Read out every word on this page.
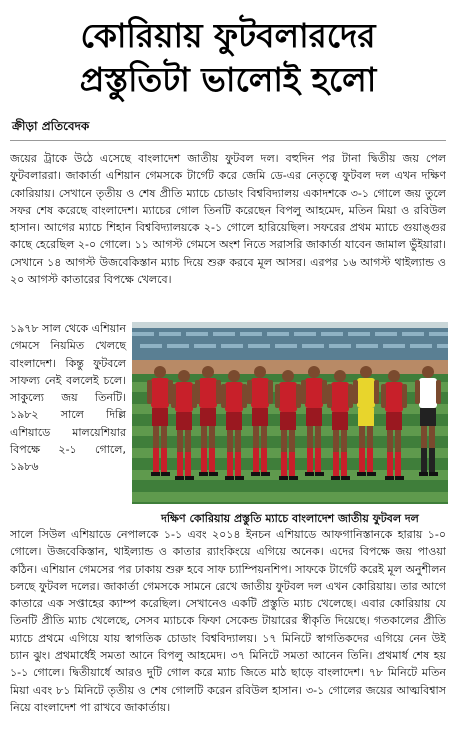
কোরিয়ায় ফুটবলারদের
প্রস্তুতিটা ভালোই হলো
ক্রীড়া প্রতিবেদক

জয়ের ট্রাকে উঠে এসেছে বাংলাদেশ জাতীয় ফুটবল দল। বহুদিন পর টানা দ্বিতীয় জয় পেল ফুটবলাররা। জাকার্তা এশিয়ান গেমসকে টার্গেট করে জেমি ডে-এর নেতৃত্বে ফুটবল দল এখন দক্ষিণ কোরিয়ায়। সেখানে তৃতীয় ও শেষ প্রীতি ম্যাচে চোডাং বিশ্ববিদ্যালয় একাদশকে ৩-১ গোলে জয় তুলে সফর শেষ করেছে বাংলাদেশ। ম্যাচের গোল তিনটি করেছেন বিপলু আহমেদ, মতিন মিয়া ও রবিউল হাসান। আগের ম্যাচে শিহান বিশ্ববিদ্যালয়কে ২-১ গোলে হারিয়েছিল। সফরের প্রথম ম্যাচে গুয়াঙ্গুর কাছে হেরেছিল ২-০ গোলে। ১১ আগস্ট গেমসে অংশ নিতে সরাসরি জাকার্তা যাবেন জামাল ভুঁইয়ারা। সেখানে ১৪ আগস্ট উজবেকিস্তান ম্যাচ দিয়ে শুরু করবে মূল আসর। এরপর ১৬ আগস্ট থাইল্যান্ড ও ২০ আগস্ট কাতারের বিপক্ষে খেলবে।

১৯৭৮ সাল থেকে এশিয়ান গেমসে নিয়মিত খেলছে বাংলাদেশ। কিন্তু ফুটবলে সাফল্য নেই বললেই চলে। সাকুল্যে জয় তিনটি। ১৯৮২ সালে দিল্লি এশিয়াডে মালয়েশিয়ার বিপক্ষে ২-১ গোলে, ১৯৮৬

দক্ষিণ কোরিয়ায় প্রস্তুতি ম্যাচে বাংলাদেশ জাতীয় ফুটবল দল

সালে সিউল এশিয়াডে নেপালকে ১-১ এবং ২০১৪ ইনচন এশিয়াডে আফগানিস্তানকে হারায় ১-০ গোলে। উজবেকিস্তান, থাইল্যান্ড ও কাতার র‌্যাংকিংয়ে এগিয়ে অনেক। এদের বিপক্ষে জয় পাওয়া কঠিন। এশিয়ান গেমসের পর ঢাকায় শুরু হবে সাফ চ্যাম্পিয়নশিপ। সাফকে টার্গেট করেই মূল অনুশীলন চলছে ফুটবল দলের। জাকার্তা গেমসকে সামনে রেখে জাতীয় ফুটবল দল এখন কোরিয়ায়। তার আগে কাতারে এক সপ্তাহের ক্যাম্প করেছিল। সেখানেও একটি প্রস্তুতি ম্যাচ খেলেছে। এবার কোরিয়ায় যে তিনটি প্রীতি ম্যাচ খেলেছে, সেসব ম্যাচকে ফিফা সেকেন্ড টায়ারের স্বীকৃতি দিয়েছে। গতকালের প্রীতি ম্যাচে প্রথমে এগিয়ে যায় স্বাগতিক চোডাং বিশ্ববিদ্যালয়। ১৭ মিনিটে স্বাগতিকদের এগিয়ে নেন উই চ্যান ঝুং। প্রথমার্ধেই সমতা আনে বিপলু আহমেদ। ৩৭ মিনিটে সমতা আনেন তিনি। প্রথমার্ধ শেষ হয় ১-১ গোলে। দ্বিতীয়ার্ধে আরও দুটি গোল করে ম্যাচ জিতে মাঠ ছাড়ে বাংলাদেশ। ৭৮ মিনিটে মতিন মিয়া এবং ৮১ মিনিটে তৃতীয় ও শেষ গোলটি করেন রবিউল হাসান। ৩-১ গোলের জয়ের আত্মবিশ্বাস নিয়ে বাংলাদেশ পা রাখবে জাকার্তায়।
